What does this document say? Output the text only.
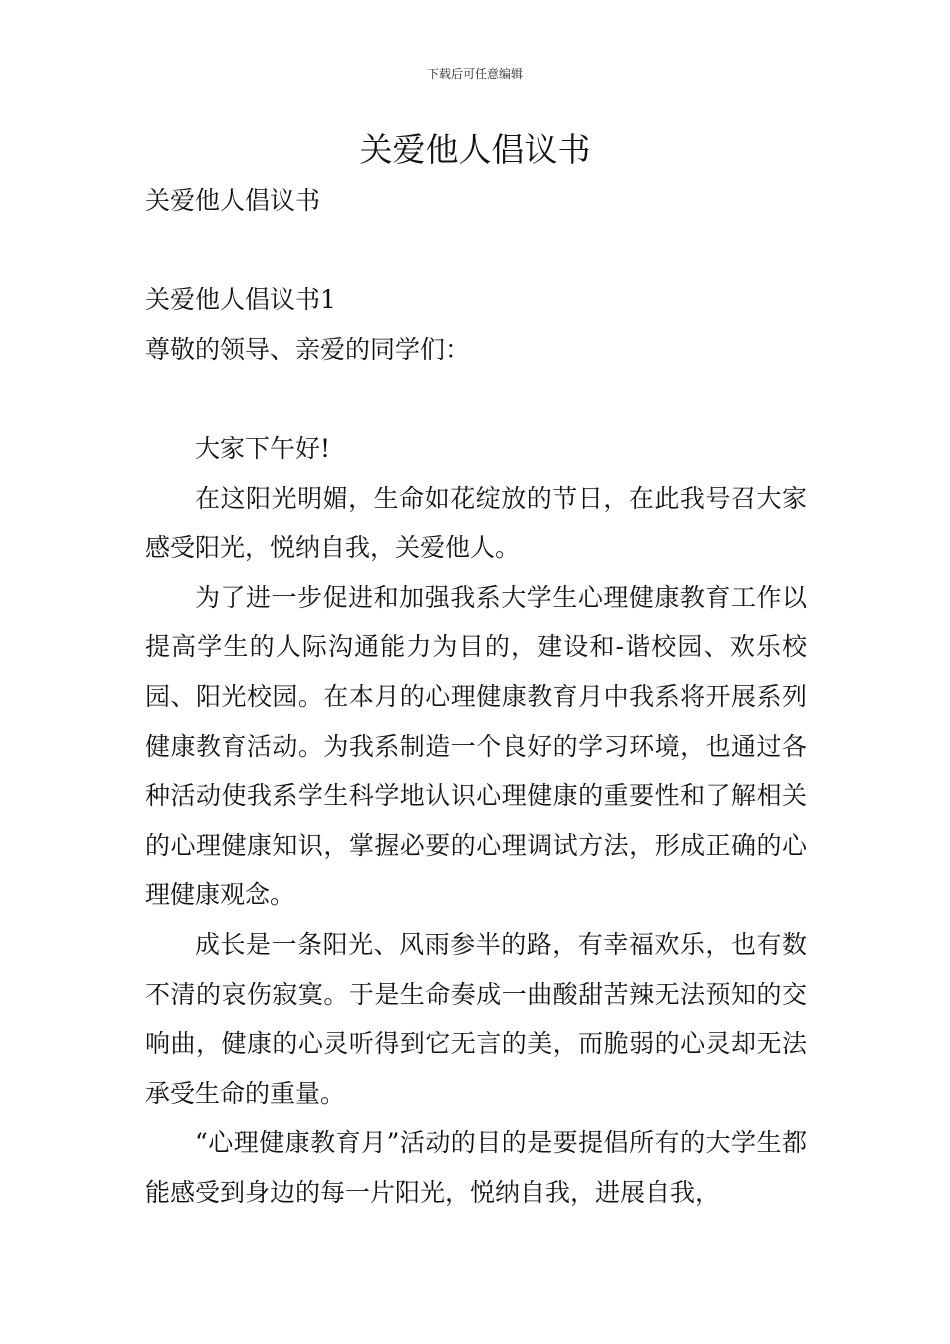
下载后可任意编辑
关爱他人倡议书

关爱他人倡议书

关爱他人倡议书1

尊敬的领导、亲爱的同学们：

大家下午好!

在这阳光明媚，生命如花绽放的节日，在此我号召大家感受阳光，悦纳自我，关爱他人。

为了进一步促进和加强我系大学生心理健康教育工作以提高学生的人际沟通能力为目的，建设和-谐校园、欢乐校园、阳光校园。在本月的心理健康教育月中我系将开展系列健康教育活动。为我系制造一个良好的学习环境，也通过各种活动使我系学生科学地认识心理健康的重要性和了解相关的心理健康知识，掌握必要的心理调试方法，形成正确的心理健康观念。

成长是一条阳光、风雨参半的路，有幸福欢乐，也有数不清的哀伤寂寞。于是生命奏成一曲酸甜苦辣无法预知的交响曲，健康的心灵听得到它无言的美，而脆弱的心灵却无法承受生命的重量。

“心理健康教育月”活动的目的是要提倡所有的大学生都能感受到身边的每一片阳光，悦纳自我，进展自我，
